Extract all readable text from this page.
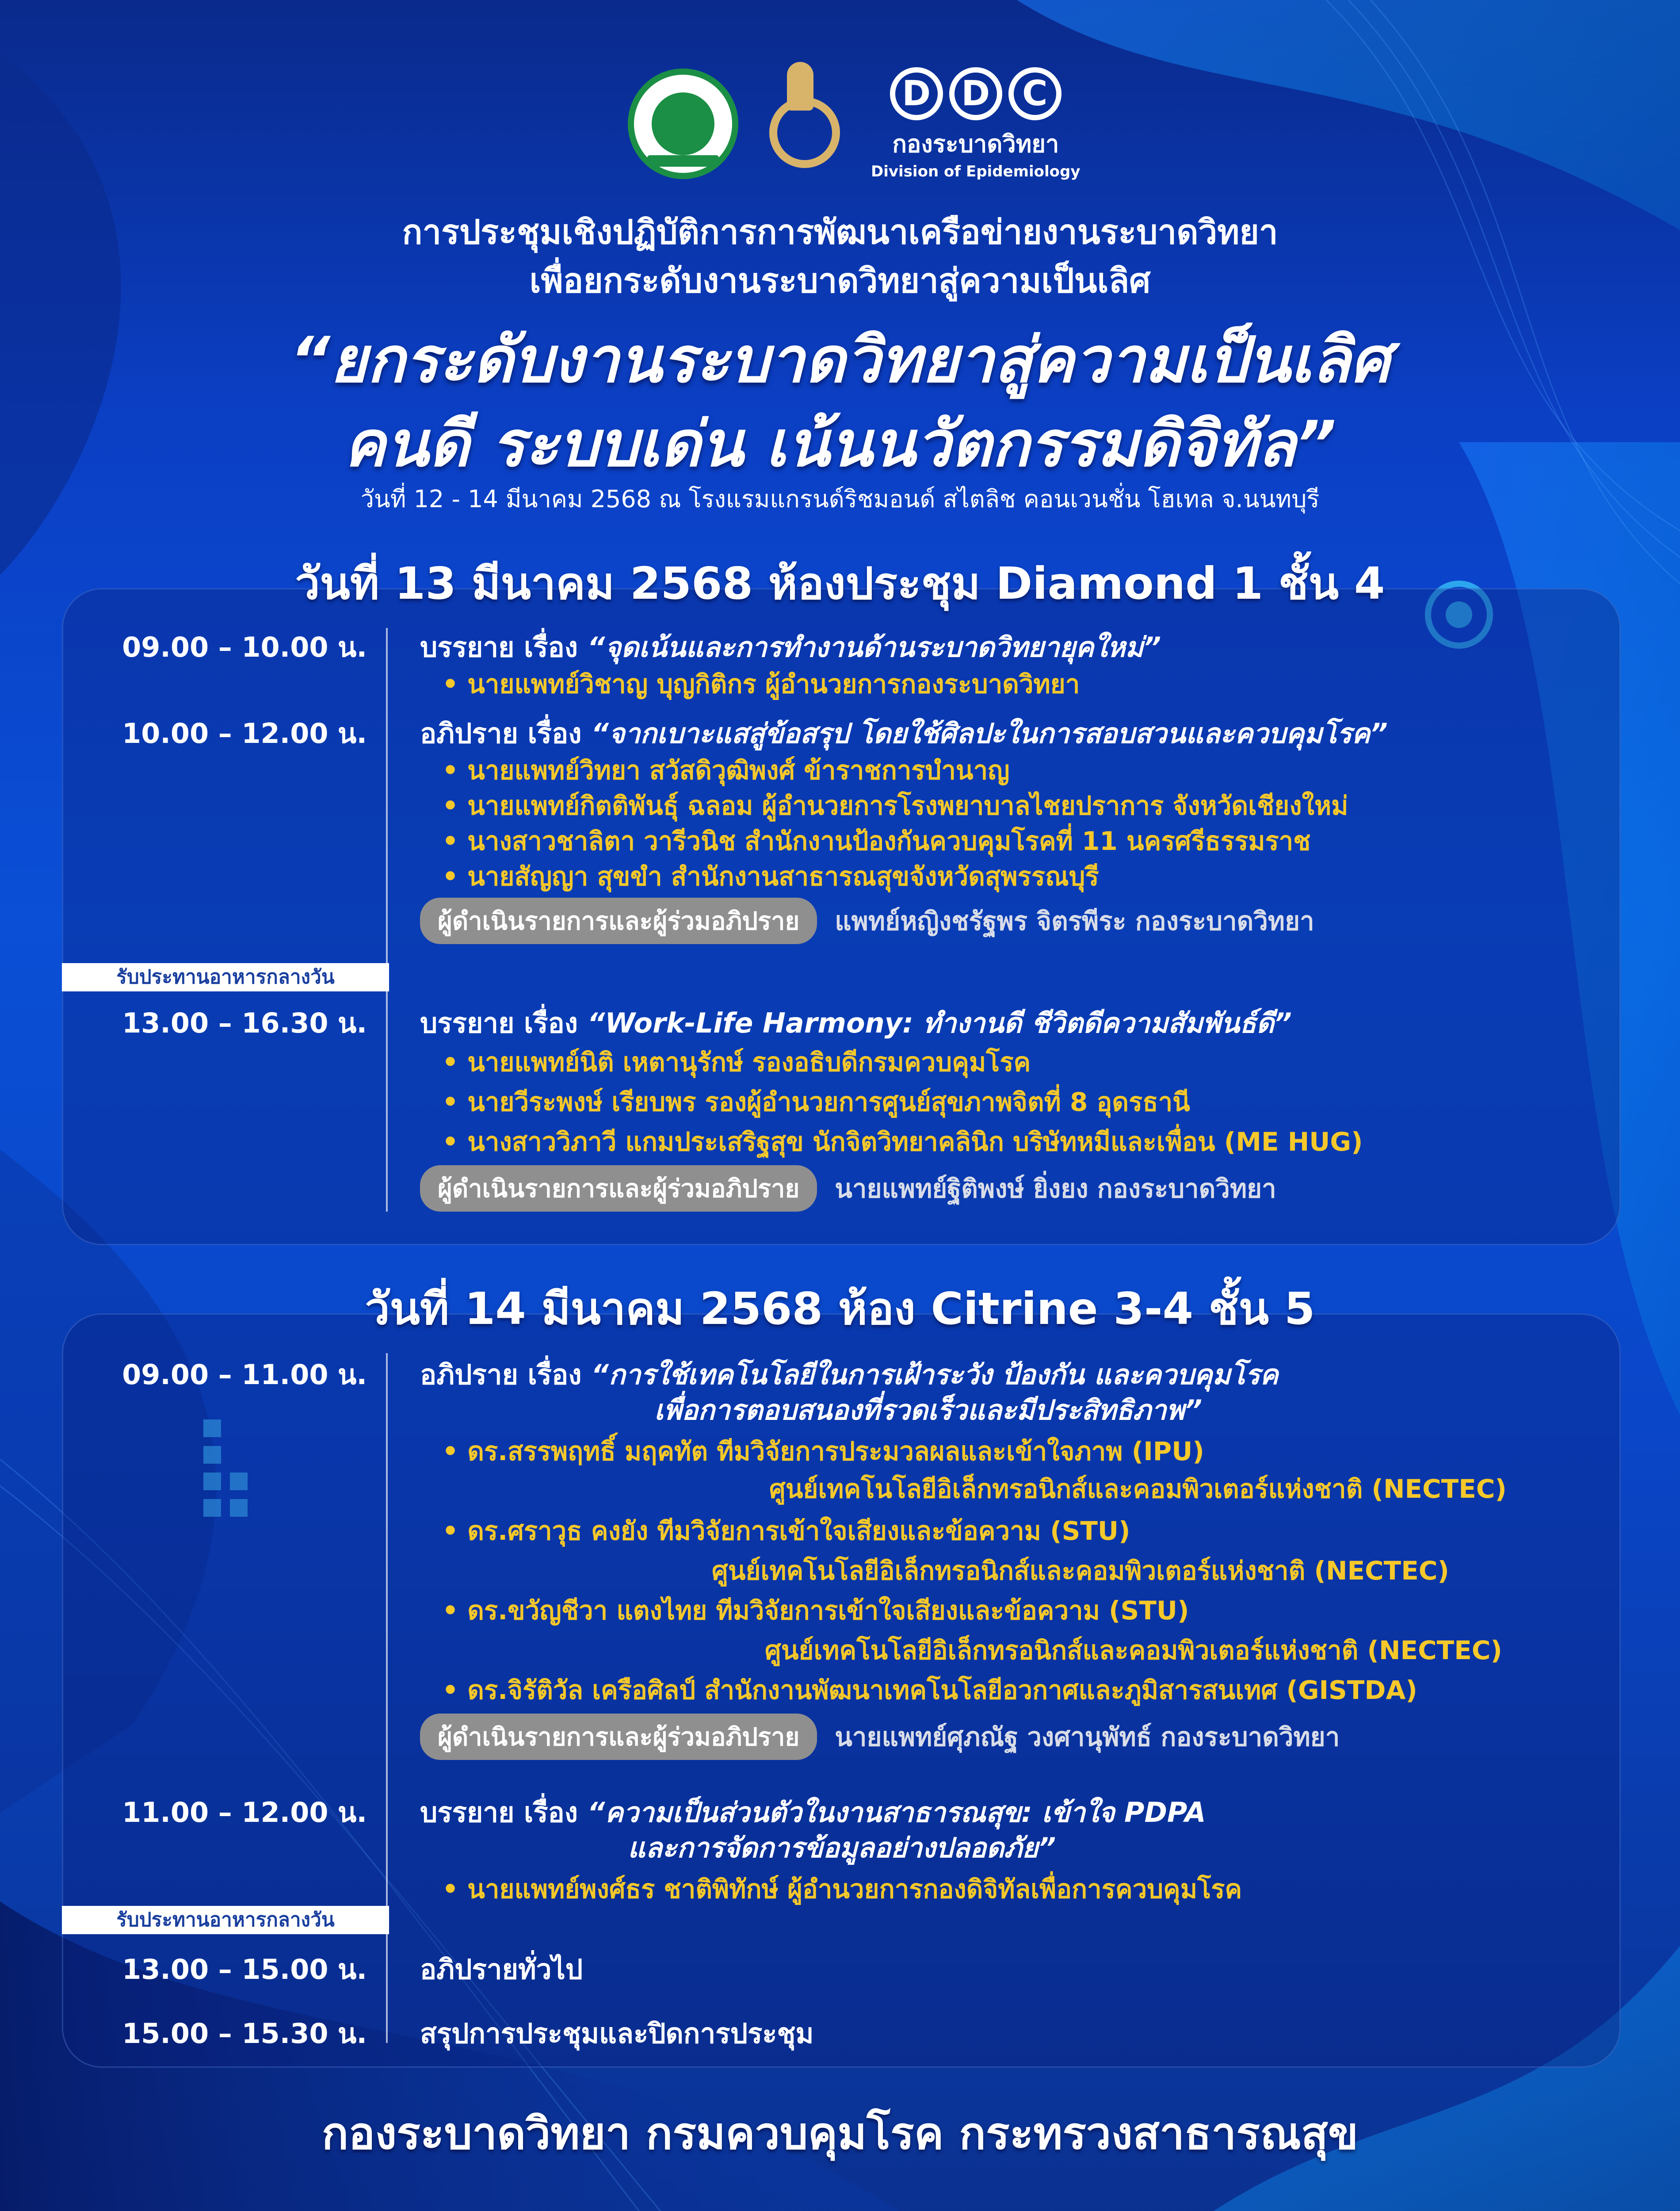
D D C
กองระบาดวิทยา
Division of Epidemiology
การประชุมเชิงปฏิบัติการการพัฒนาเครือข่ายงานระบาดวิทยา
เพื่อยกระดับงานระบาดวิทยาสู่ความเป็นเลิศ
“ยกระดับงานระบาดวิทยาสู่ความเป็นเลิศ
คนดี ระบบเด่น เน้นนวัตกรรมดิจิทัล”
วันที่ 12 - 14 มีนาคม 2568 ณ โรงแรมแกรนด์ริชมอนด์ สไตลิช คอนเวนชั่น โฮเทล จ.นนทบุรี
วันที่ 13 มีนาคม 2568 ห้องประชุม Diamond 1 ชั้น 4
09.00 – 10.00 น. บรรยาย เรื่อง “จุดเน้นและการทำงานด้านระบาดวิทยายุคใหม่”
• นายแพทย์วิชาญ บุญกิติกร ผู้อำนวยการกองระบาดวิทยา
10.00 – 12.00 น. อภิปราย เรื่อง “จากเบาะแสสู่ข้อสรุป โดยใช้ศิลปะในการสอบสวนและควบคุมโรค”
• นายแพทย์วิทยา สวัสดิวุฒิพงศ์ ข้าราชการบำนาญ
• นายแพทย์กิตติพันธุ์ ฉลอม ผู้อำนวยการโรงพยาบาลไชยปราการ จังหวัดเชียงใหม่
• นางสาวชาลิตา วารีวนิช สำนักงานป้องกันควบคุมโรคที่ 11 นครศรีธรรมราช
• นายสัญญา สุขขำ สำนักงานสาธารณสุขจังหวัดสุพรรณบุรี
ผู้ดำเนินรายการและผู้ร่วมอภิปราย	แพทย์หญิงชรัฐพร จิตรพีระ กองระบาดวิทยา
รับประทานอาหารกลางวัน
13.00 – 16.30 น. บรรยาย เรื่อง “Work-Life Harmony: ทำงานดี ชีวิตดีความสัมพันธ์ดี”
• นายแพทย์นิติ เหตานุรักษ์ รองอธิบดีกรมควบคุมโรค
• นายวีระพงษ์ เรียบพร รองผู้อำนวยการศูนย์สุขภาพจิตที่ 8 อุดรธานี
• นางสาววิภาวี แกมประเสริฐสุข นักจิตวิทยาคลินิก บริษัทหมีและเพื่อน (ME HUG)
ผู้ดำเนินรายการและผู้ร่วมอภิปราย	นายแพทย์ฐิติพงษ์ ยิ่งยง กองระบาดวิทยา
วันที่ 14 มีนาคม 2568 ห้อง Citrine 3-4 ชั้น 5
09.00 – 11.00 น. อภิปราย เรื่อง “การใช้เทคโนโลยีในการเฝ้าระวัง ป้องกัน และควบคุมโรค
เพื่อการตอบสนองที่รวดเร็วและมีประสิทธิภาพ”
• ดร.สรรพฤทธิ์ มฤคทัต ทีมวิจัยการประมวลผลและเข้าใจภาพ (IPU)
ศูนย์เทคโนโลยีอิเล็กทรอนิกส์และคอมพิวเตอร์แห่งชาติ (NECTEC)
• ดร.ศราวุธ คงยัง ทีมวิจัยการเข้าใจเสียงและข้อความ (STU)
ศูนย์เทคโนโลยีอิเล็กทรอนิกส์และคอมพิวเตอร์แห่งชาติ (NECTEC)
• ดร.ขวัญชีวา แตงไทย ทีมวิจัยการเข้าใจเสียงและข้อความ (STU)
ศูนย์เทคโนโลยีอิเล็กทรอนิกส์และคอมพิวเตอร์แห่งชาติ (NECTEC)
• ดร.จิรัติวัล เครือศิลป์ สำนักงานพัฒนาเทคโนโลยีอวกาศและภูมิสารสนเทศ (GISTDA)
ผู้ดำเนินรายการและผู้ร่วมอภิปราย	นายแพทย์ศุภณัฐ วงศานุพัทธ์ กองระบาดวิทยา
11.00 – 12.00 น. บรรยาย เรื่อง “ความเป็นส่วนตัวในงานสาธารณสุข: เข้าใจ PDPA
และการจัดการข้อมูลอย่างปลอดภัย”
• นายแพทย์พงศ์ธร ชาติพิทักษ์ ผู้อำนวยการกองดิจิทัลเพื่อการควบคุมโรค
รับประทานอาหารกลางวัน
13.00 – 15.00 น. อภิปรายทั่วไป
15.00 – 15.30 น. สรุปการประชุมและปิดการประชุม
กองระบาดวิทยา กรมควบคุมโรค กระทรวงสาธารณสุข
